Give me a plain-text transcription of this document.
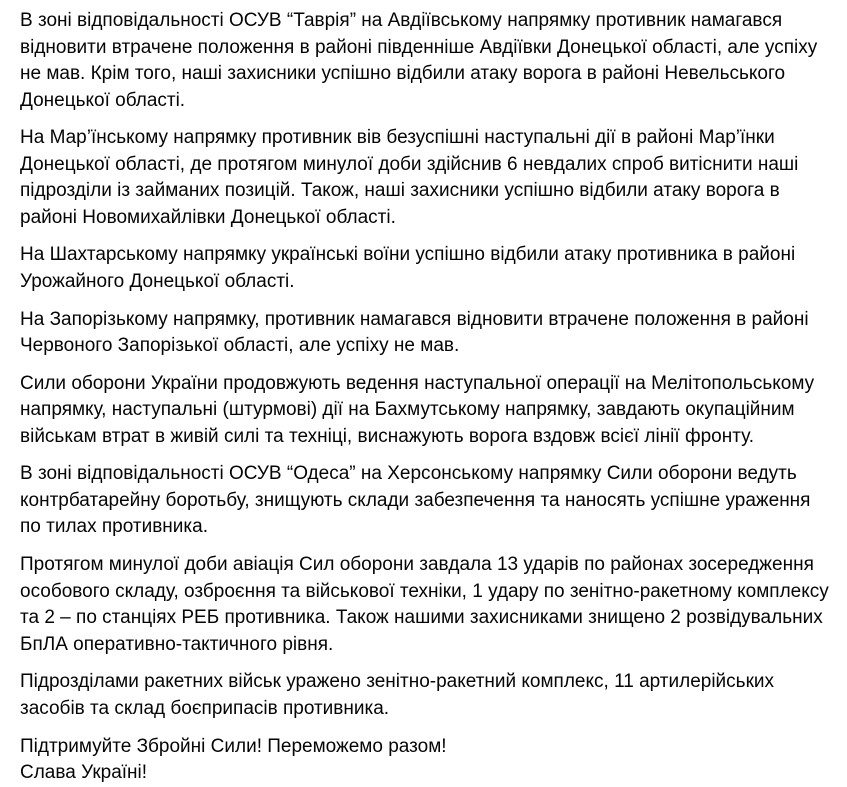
В зоні відповідальності ОСУВ “Таврія” на Авдіївському напрямку противник намагався відновити втрачене положення в районі південніше Авдіївки Донецької області, але успіху не мав. Крім того, наші захисники успішно відбили атаку ворога в районі Невельського Донецької області.

На Мар’їнському напрямку противник вів безуспішні наступальні дії в районі Мар’їнки Донецької області, де протягом минулої доби здійснив 6 невдалих спроб витіснити наші підрозділи із займаних позицій. Також, наші захисники успішно відбили атаку ворога в районі Новомихайлівки Донецької області.

На Шахтарському напрямку українські воїни успішно відбили атаку противника в районі Урожайного Донецької області.

На Запорізькому напрямку, противник намагався відновити втрачене положення в районі Червоного Запорізької області, але успіху не мав.

Сили оборони України продовжують ведення наступальної операції на Мелітопольському напрямку, наступальні (штурмові) дії на Бахмутському напрямку, завдають окупаційним військам втрат в живій силі та техніці, виснажують ворога вздовж всієї лінії фронту.

В зоні відповідальності ОСУВ “Одеса” на Херсонському напрямку Сили оборони ведуть контрбатарейну боротьбу, знищують склади забезпечення та наносять успішне ураження по тилах противника.

Протягом минулої доби авіація Сил оборони завдала 13 ударів по районах зосередження особового складу, озброєння та військової техніки, 1 удару по зенітно-ракетному комплексу та 2 – по станціях РЕБ противника. Також нашими захисниками знищено 2 розвідувальних БпЛА оперативно-тактичного рівня.

Підрозділами ракетних військ уражено зенітно-ракетний комплекс, 11 артилерійських засобів та склад боєприпасів противника.

Підтримуйте Збройні Сили! Переможемо разом!
Слава Україні!
